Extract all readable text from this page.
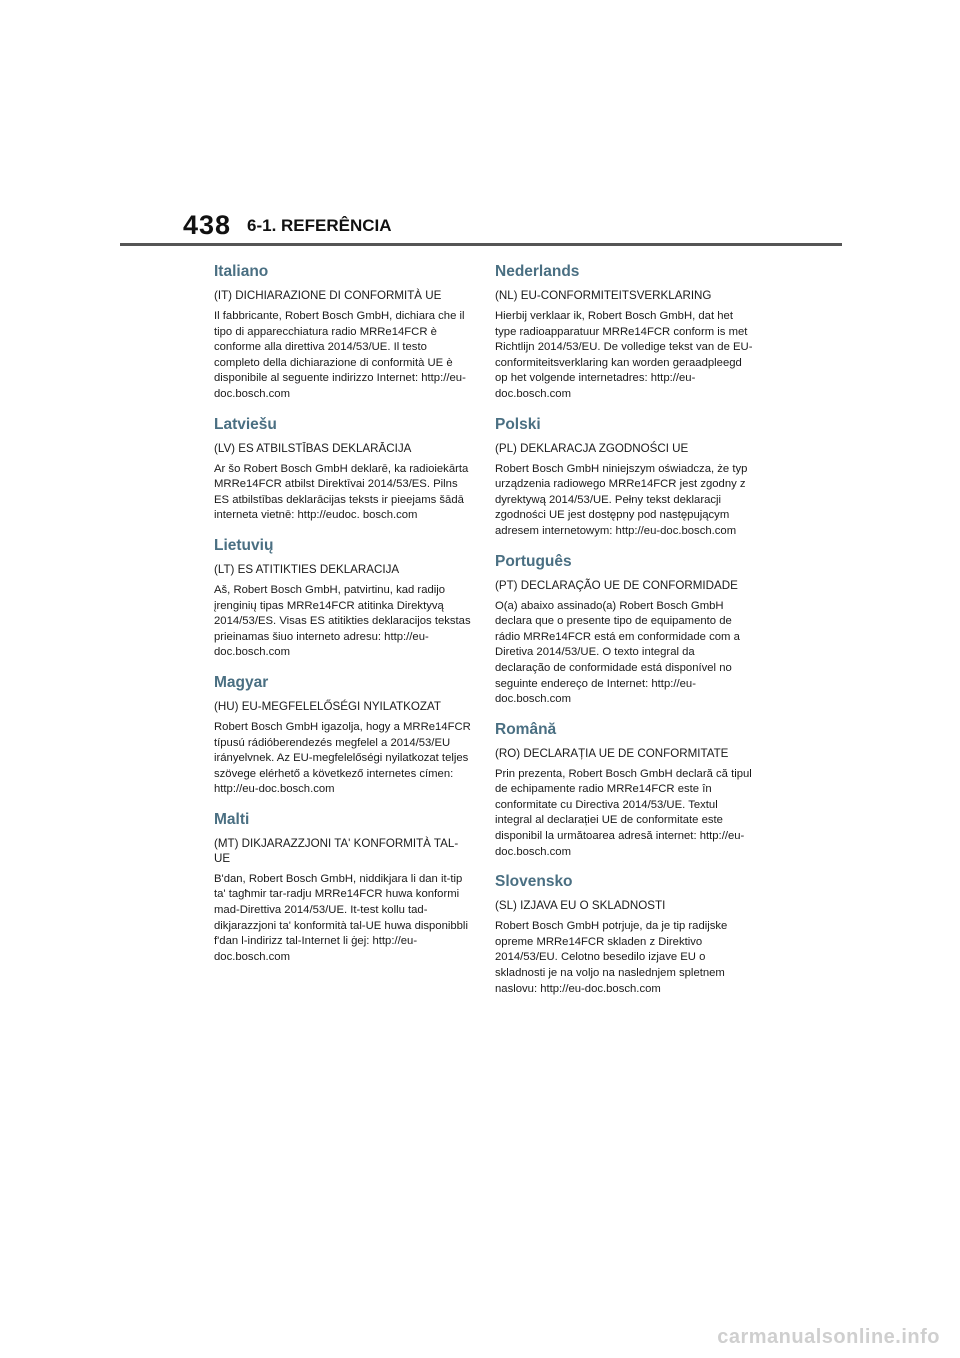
438 6-1. REFERÊNCIA
Italiano

(IT) DICHIARAZIONE DI CONFORMITÀ UE

Il fabbricante, Robert Bosch GmbH, dichiara che il tipo di apparecchiatura radio MRRe14FCR è conforme alla direttiva 2014/53/UE. Il testo completo della dichiarazione di conformità UE è disponibile al seguente indirizzo Internet: http://eu-doc.bosch.com

Latviešu

(LV) ES ATBILSTĪBAS DEKLARĀCIJA

Ar šo Robert Bosch GmbH deklarē, ka radioiekārta MRRe14FCR atbilst Direktīvai 2014/53/ES. Pilns ES atbilstības deklarācijas teksts ir pieejams šādā interneta vietnē: http://eudoc. bosch.com

Lietuvių

(LT) ES ATITIKTIES DEKLARACIJA

Aš, Robert Bosch GmbH, patvirtinu, kad radijo įrenginių tipas MRRe14FCR atitinka Direktyvą 2014/53/ES. Visas ES atitikties deklaracijos tekstas prieinamas šiuo interneto adresu: http://eu-doc.bosch.com

Magyar

(HU) EU-MEGFELELŐSÉGI NYILATKOZAT

Robert Bosch GmbH igazolja, hogy a MRRe14FCR típusú rádióberendezés megfelel a 2014/53/EU irányelvnek. Az EU-megfelelőségi nyilatkozat teljes szövege elérhető a következő internetes címen: http://eu-doc.bosch.com

Malti

(MT) DIKJARAZZJONI TA' KONFORMITÀ TAL-UE

B'dan, Robert Bosch GmbH, niddikjara li dan it-tip ta' tagħmir tar-radju MRRe14FCR huwa konformi mad-Direttiva 2014/53/UE. It-test kollu tad-dikjarazzjoni ta' konformità tal-UE huwa disponibbli f'dan l-indirizz tal-Internet li ġej: http://eu-doc.bosch.com

Nederlands

(NL) EU-CONFORMITEITSVERKLARING

Hierbij verklaar ik, Robert Bosch GmbH, dat het type radioapparatuur MRRe14FCR conform is met Richtlijn 2014/53/EU. De volledige tekst van de EU-conformiteitsverklaring kan worden geraadpleegd op het volgende internetadres: http://eu-doc.bosch.com

Polski

(PL) DEKLARACJA ZGODNOŚCI UE

Robert Bosch GmbH niniejszym oświadcza, że typ urządzenia radiowego MRRe14FCR jest zgodny z dyrektywą 2014/53/UE. Pełny tekst deklaracji zgodności UE jest dostępny pod następującym adresem internetowym: http://eu-doc.bosch.com

Português

(PT) DECLARAÇÃO UE DE CONFORMIDADE

O(a) abaixo assinado(a) Robert Bosch GmbH declara que o presente tipo de equipamento de rádio MRRe14FCR está em conformidade com a Diretiva 2014/53/UE. O texto integral da declaração de conformidade está disponível no seguinte endereço de Internet: http://eu-doc.bosch.com

Română

(RO) DECLARAȚIA UE DE CONFORMITATE

Prin prezenta, Robert Bosch GmbH declară că tipul de echipamente radio MRRe14FCR este în conformitate cu Directiva 2014/53/UE. Textul integral al declarației UE de conformitate este disponibil la următoarea adresă internet: http://eu-doc.bosch.com

Slovensko

(SL) IZJAVA EU O SKLADNOSTI

Robert Bosch GmbH potrjuje, da je tip radijske opreme MRRe14FCR skladen z Direktivo 2014/53/EU. Celotno besedilo izjave EU o skladnosti je na voljo na naslednjem spletnem naslovu: http://eu-doc.bosch.com

carmanualsonline.info
